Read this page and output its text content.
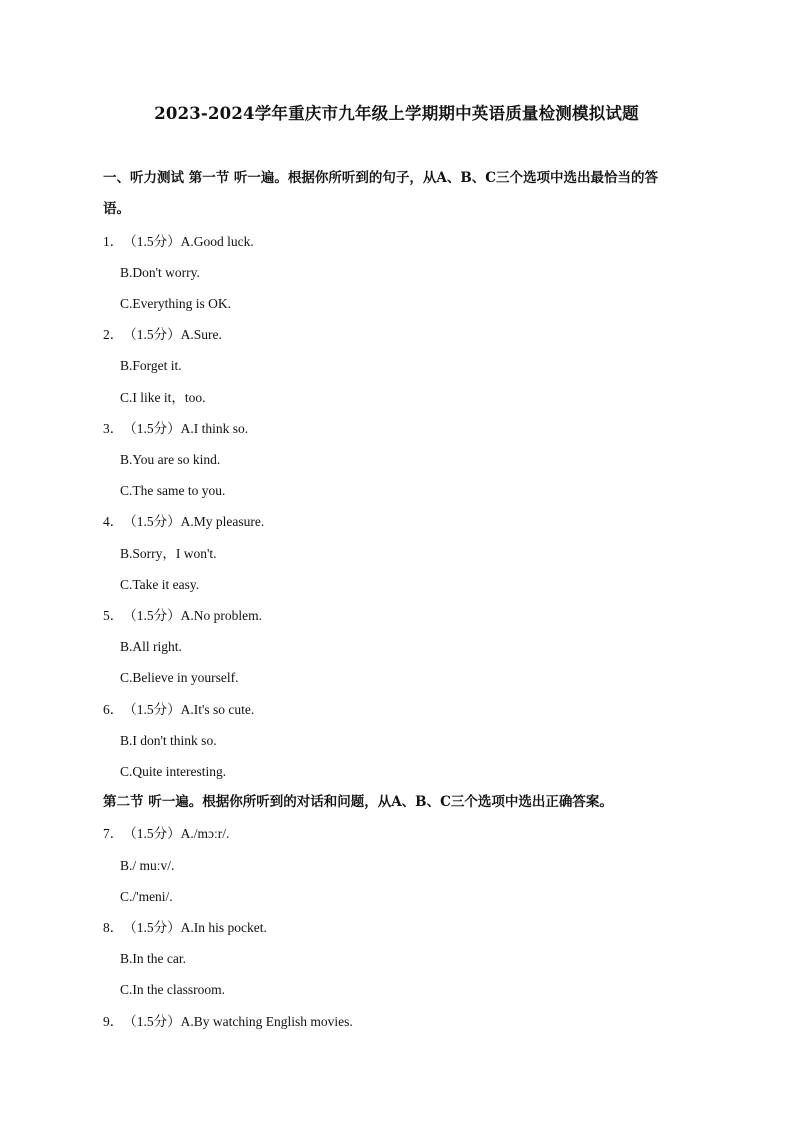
2023-2024学年重庆市九年级上学期期中英语质量检测模拟试题
一、听力测试 第一节 听一遍。根据你所听到的句子，从A、B、C三个选项中选出最恰当的答
语。
1．（1.5分）A.Good luck.
B.Don't worry.
C.Everything is OK.
2．（1.5分）A.Sure.
B.Forget it.
C.I like it，too.
3．（1.5分）A.I think so.
B.You are so kind.
C.The same to you.
4．（1.5分）A.My pleasure.
B.Sorry，I won't.
C.Take it easy.
5．（1.5分）A.No problem.
B.All right.
C.Believe in yourself.
6．（1.5分）A.It's so cute.
B.I don't think so.
C.Quite interesting.
第二节 听一遍。根据你所听到的对话和问题，从A、B、C三个选项中选出正确答案。
7．（1.5分）A./mɔːr/.
B./ muːv/.
C./'meni/.
8．（1.5分）A.In his pocket.
B.In the car.
C.In the classroom.
9．（1.5分）A.By watching English movies.
